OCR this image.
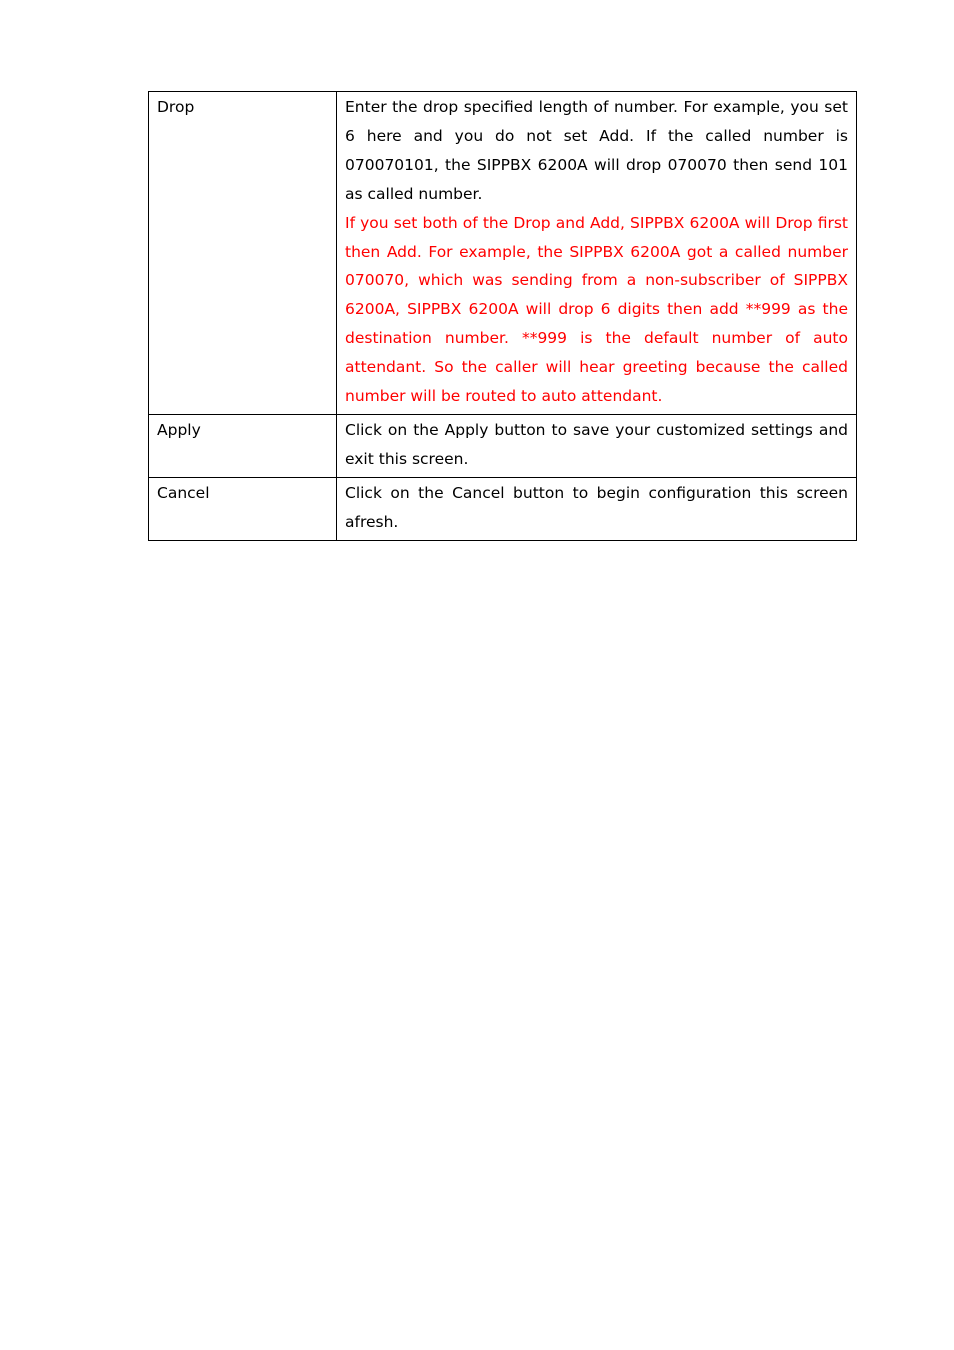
Drop	Enter the drop specified length of number. For example, you set 6 here and you do not set Add. If the called number is 070070101, the SIPPBX 6200A will drop 070070 then send 101 as called number.

If you set both of the Drop and Add, SIPPBX 6200A will Drop first then Add. For example, the SIPPBX 6200A got a called number 070070, which was sending from a non-subscriber of SIPPBX 6200A, SIPPBX 6200A will drop 6 digits then add **999 as the destination number. **999 is the default number of auto attendant. So the caller will hear greeting because the called number will be routed to auto attendant.

Apply	Click on the Apply button to save your customized settings and exit this screen.

Cancel	Click on the Cancel button to begin configuration this screen afresh.
